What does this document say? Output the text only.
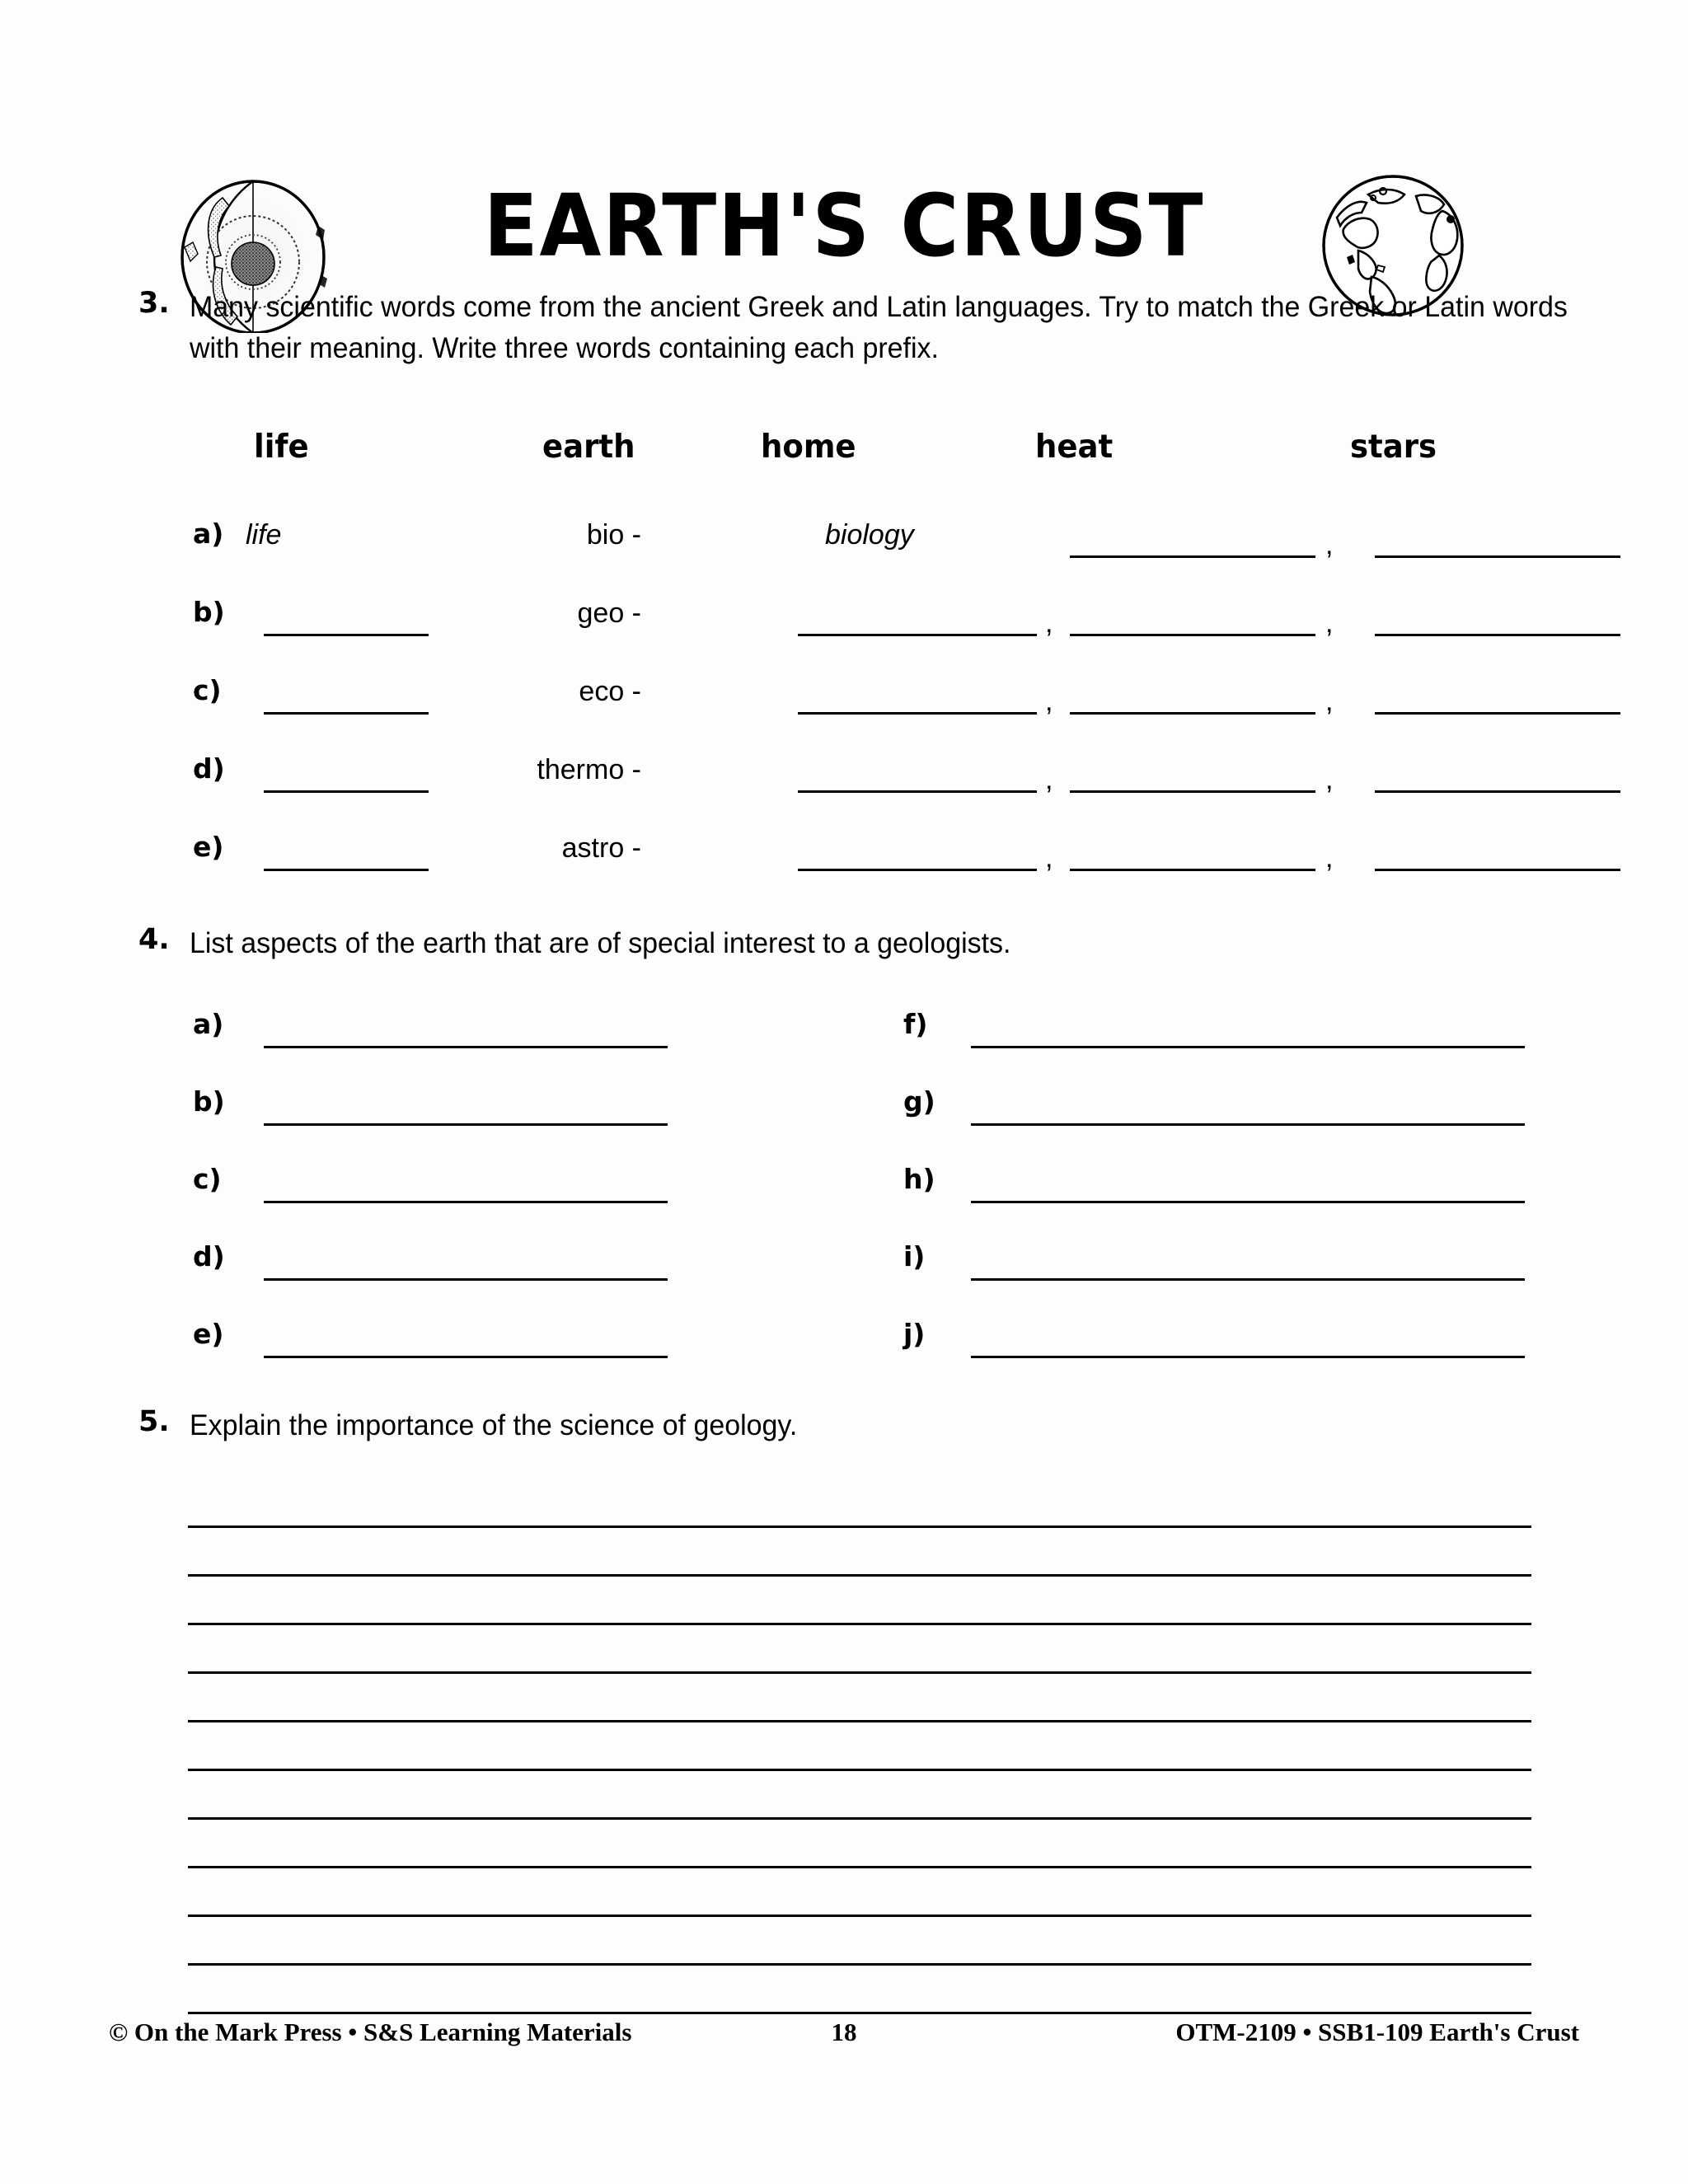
EARTH'S CRUST
3. Many scientific words come from the ancient Greek and Latin languages. Try to match the Greek or Latin words with their meaning. Write three words containing each prefix.
life	earth	home	heat	stars
a) life	bio -	biology	,
b)	geo -	,	,
c)	eco -	,	,
d)	thermo -	,	,
e)	astro -	,	,
4. List aspects of the earth that are of special interest to a geologists.
a)	f)
b)	g)
c)	h)
d)	i)
e)	j)
5. Explain the importance of the science of geology.
© On the Mark Press • S&S Learning Materials	18	OTM-2109 • SSB1-109 Earth's Crust
